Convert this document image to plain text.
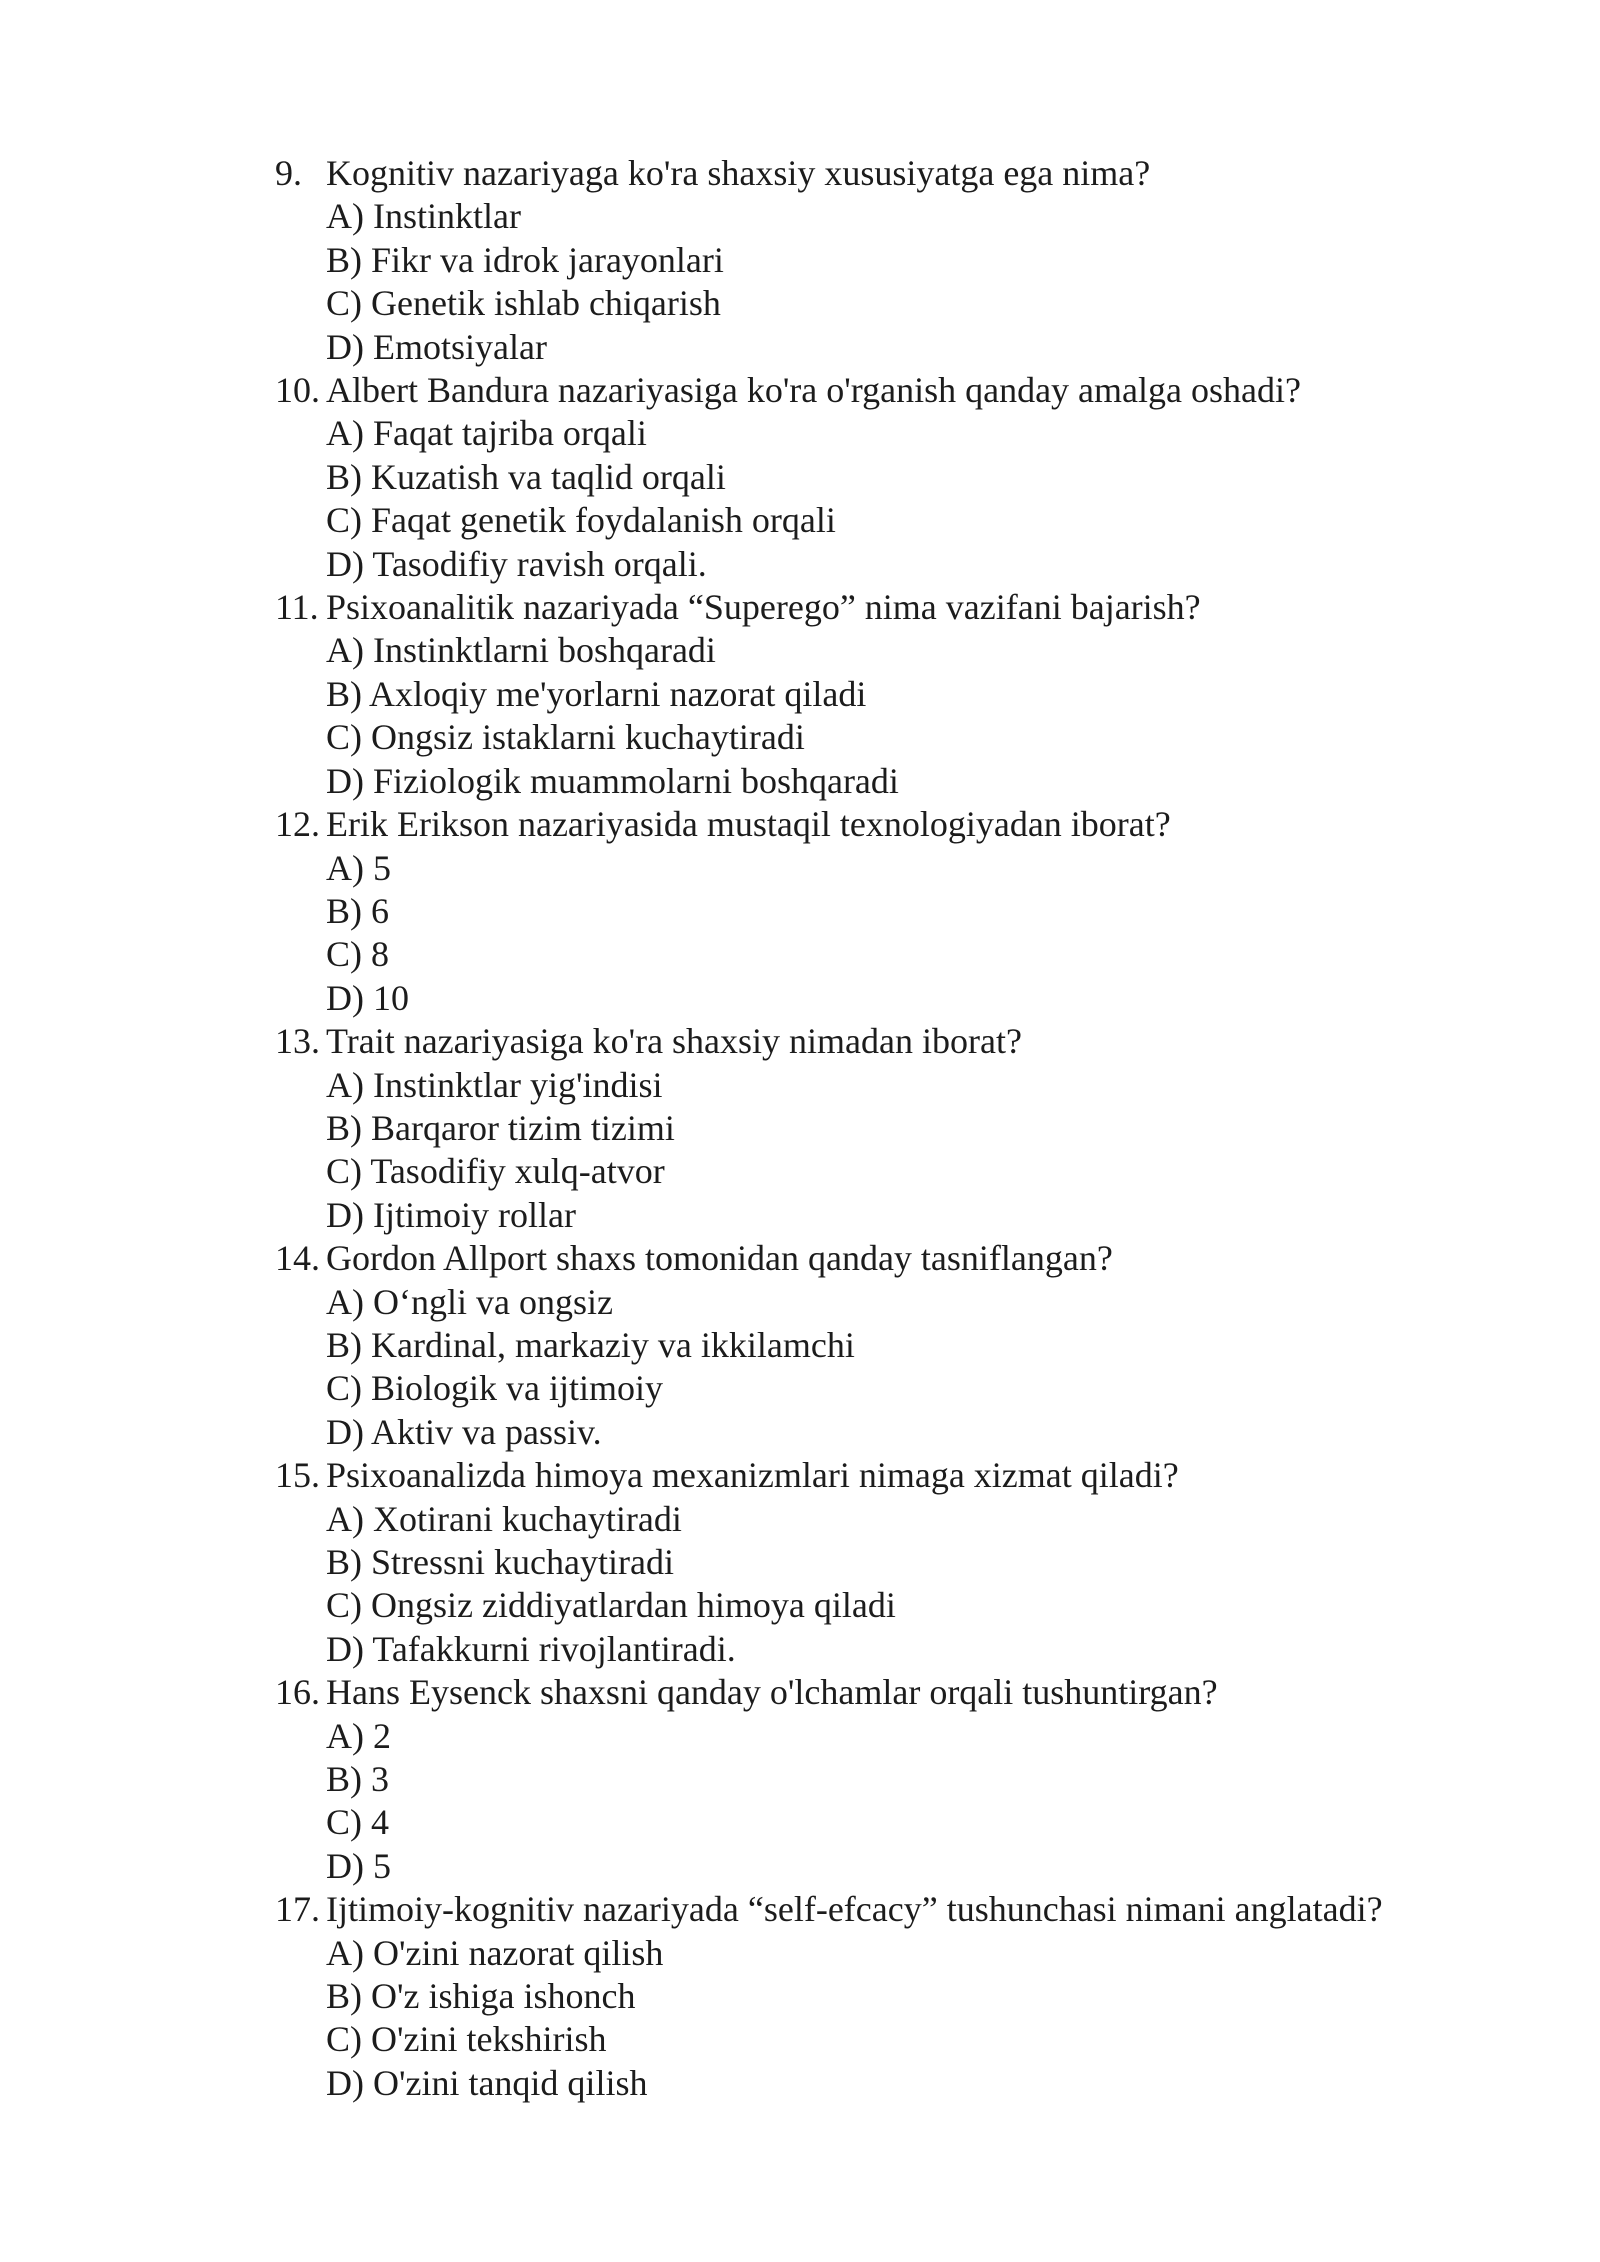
9. Kognitiv nazariyaga ko'ra shaxsiy xususiyatga ega nima?
A) Instinktlar
B) Fikr va idrok jarayonlari
C) Genetik ishlab chiqarish
D) Emotsiyalar
10. Albert Bandura nazariyasiga ko'ra o'rganish qanday amalga oshadi?
A) Faqat tajriba orqali
B) Kuzatish va taqlid orqali
C) Faqat genetik foydalanish orqali
D) Tasodifiy ravish orqali.
11. Psixoanalitik nazariyada “Superego” nima vazifani bajarish?
A) Instinktlarni boshqaradi
B) Axloqiy me'yorlarni nazorat qiladi
C) Ongsiz istaklarni kuchaytiradi
D) Fiziologik muammolarni boshqaradi
12. Erik Erikson nazariyasida mustaqil texnologiyadan iborat?
A) 5
B) 6
C) 8
D) 10
13. Trait nazariyasiga ko'ra shaxsiy nimadan iborat?
A) Instinktlar yig'indisi
B) Barqaror tizim tizimi
C) Tasodifiy xulq-atvor
D) Ijtimoiy rollar
14. Gordon Allport shaxs tomonidan qanday tasniflangan?
A) O‘ngli va ongsiz
B) Kardinal, markaziy va ikkilamchi
C) Biologik va ijtimoiy
D) Aktiv va passiv.
15. Psixoanalizda himoya mexanizmlari nimaga xizmat qiladi?
A) Xotirani kuchaytiradi
B) Stressni kuchaytiradi
C) Ongsiz ziddiyatlardan himoya qiladi
D) Tafakkurni rivojlantiradi.
16. Hans Eysenck shaxsni qanday o'lchamlar orqali tushuntirgan?
A) 2
B) 3
C) 4
D) 5
17. Ijtimoiy-kognitiv nazariyada “self-efcacy” tushunchasi nimani anglatadi?
A) O'zini nazorat qilish
B) O'z ishiga ishonch
C) O'zini tekshirish
D) O'zini tanqid qilish
